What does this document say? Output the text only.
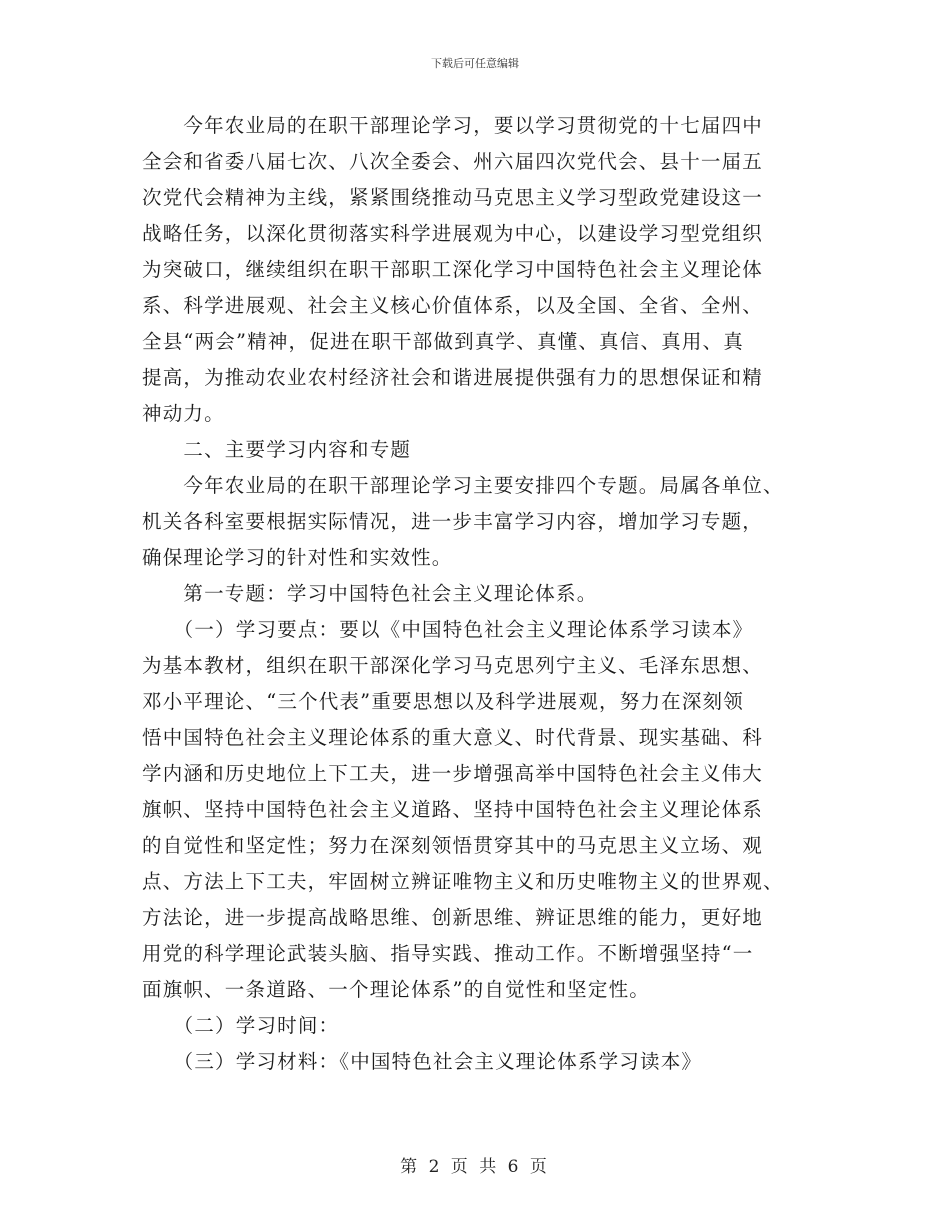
下载后可任意编辑

　　今年农业局的在职干部理论学习，要以学习贯彻党的十七届四中
全会和省委八届七次、八次全委会、州六届四次党代会、县十一届五
次党代会精神为主线，紧紧围绕推动马克思主义学习型政党建设这一
战略任务，以深化贯彻落实科学进展观为中心，以建设学习型党组织
为突破口，继续组织在职干部职工深化学习中国特色社会主义理论体
系、科学进展观、社会主义核心价值体系，以及全国、全省、全州、
全县“两会”精神，促进在职干部做到真学、真懂、真信、真用、真
提高，为推动农业农村经济社会和谐进展提供强有力的思想保证和精
神动力。

　　二、主要学习内容和专题

　　今年农业局的在职干部理论学习主要安排四个专题。局属各单位、
机关各科室要根据实际情况，进一步丰富学习内容，增加学习专题，
确保理论学习的针对性和实效性。

　　第一专题：学习中国特色社会主义理论体系。

　　（一）学习要点：要以《中国特色社会主义理论体系学习读本》
为基本教材，组织在职干部深化学习马克思列宁主义、毛泽东思想、
邓小平理论、“三个代表”重要思想以及科学进展观，努力在深刻领
悟中国特色社会主义理论体系的重大意义、时代背景、现实基础、科
学内涵和历史地位上下工夫，进一步增强高举中国特色社会主义伟大
旗帜、坚持中国特色社会主义道路、坚持中国特色社会主义理论体系
的自觉性和坚定性；努力在深刻领悟贯穿其中的马克思主义立场、观
点、方法上下工夫，牢固树立辨证唯物主义和历史唯物主义的世界观、
方法论，进一步提高战略思维、创新思维、辨证思维的能力，更好地
用党的科学理论武装头脑、指导实践、推动工作。不断增强坚持“一
面旗帜、一条道路、一个理论体系”的自觉性和坚定性。

　　（二）学习时间：

　　（三）学习材料：《中国特色社会主义理论体系学习读本》

第 2 页 共 6 页
